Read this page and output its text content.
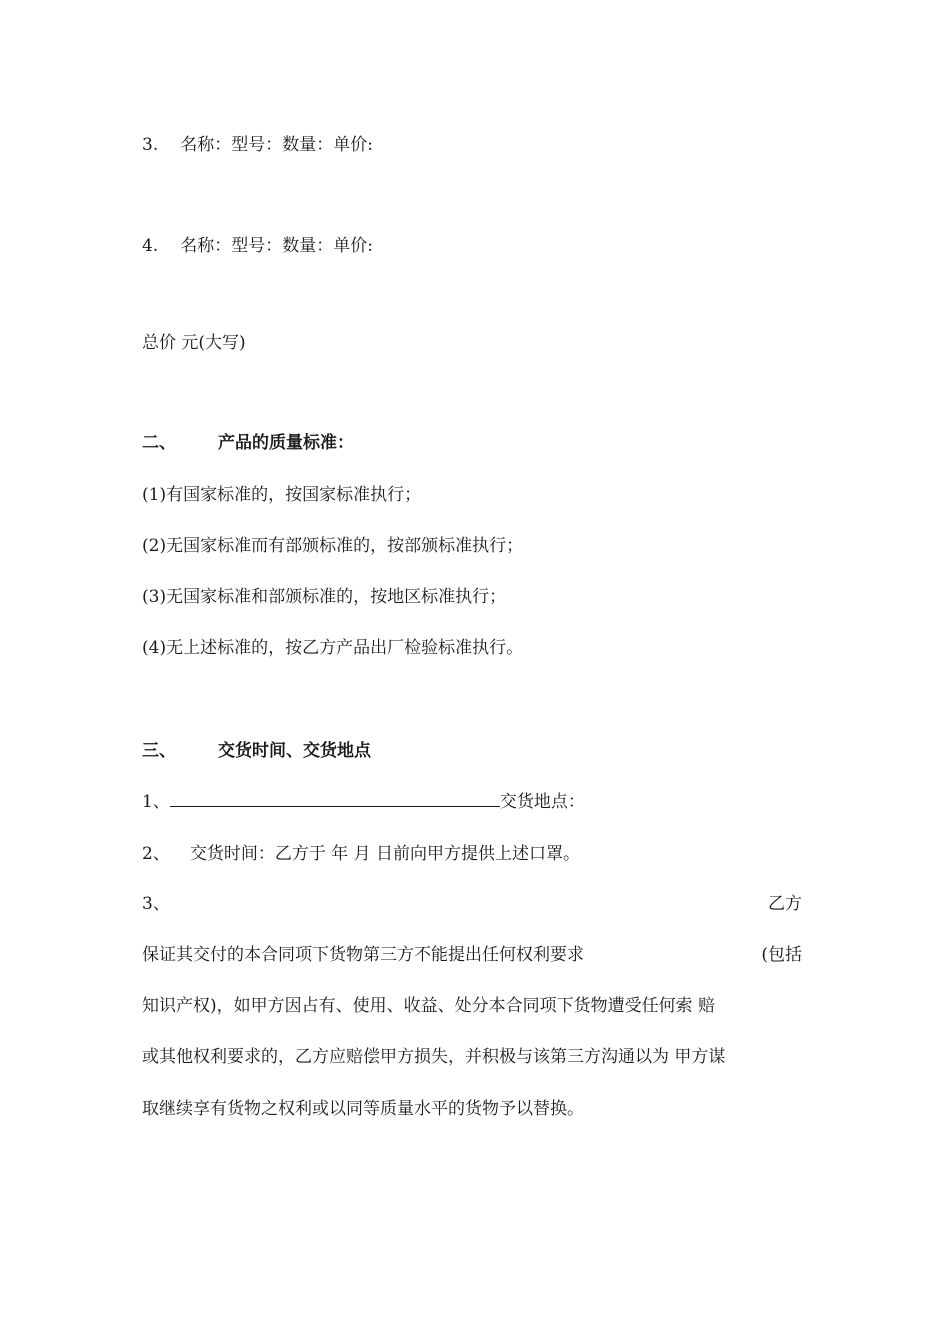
3. 名称：型号：数量：单价:
4. 名称：型号：数量：单价:
总价 元(大写)
二、 产品的质量标准：
(1)有国家标准的，按国家标准执行；
(2)无国家标准而有部颁标准的，按部颁标准执行；
(3)无国家标准和部颁标准的，按地区标准执行；
(4)无上述标准的，按乙方产品出厂检验标准执行。
三、 交货时间、交货地点
1、	交货地点：
2、 交货时间：乙方于 年 月 日前向甲方提供上述口罩。
3、	乙方
保证其交付的本合同项下货物第三方不能提出任何权利要求	(包括
知识产权)，如甲方因占有、使用、收益、处分本合同项下货物遭受任何索 赔
或其他权利要求的，乙方应赔偿甲方损失，并积极与该第三方沟通以为 甲方谋
取继续享有货物之权利或以同等质量水平的货物予以替换。
